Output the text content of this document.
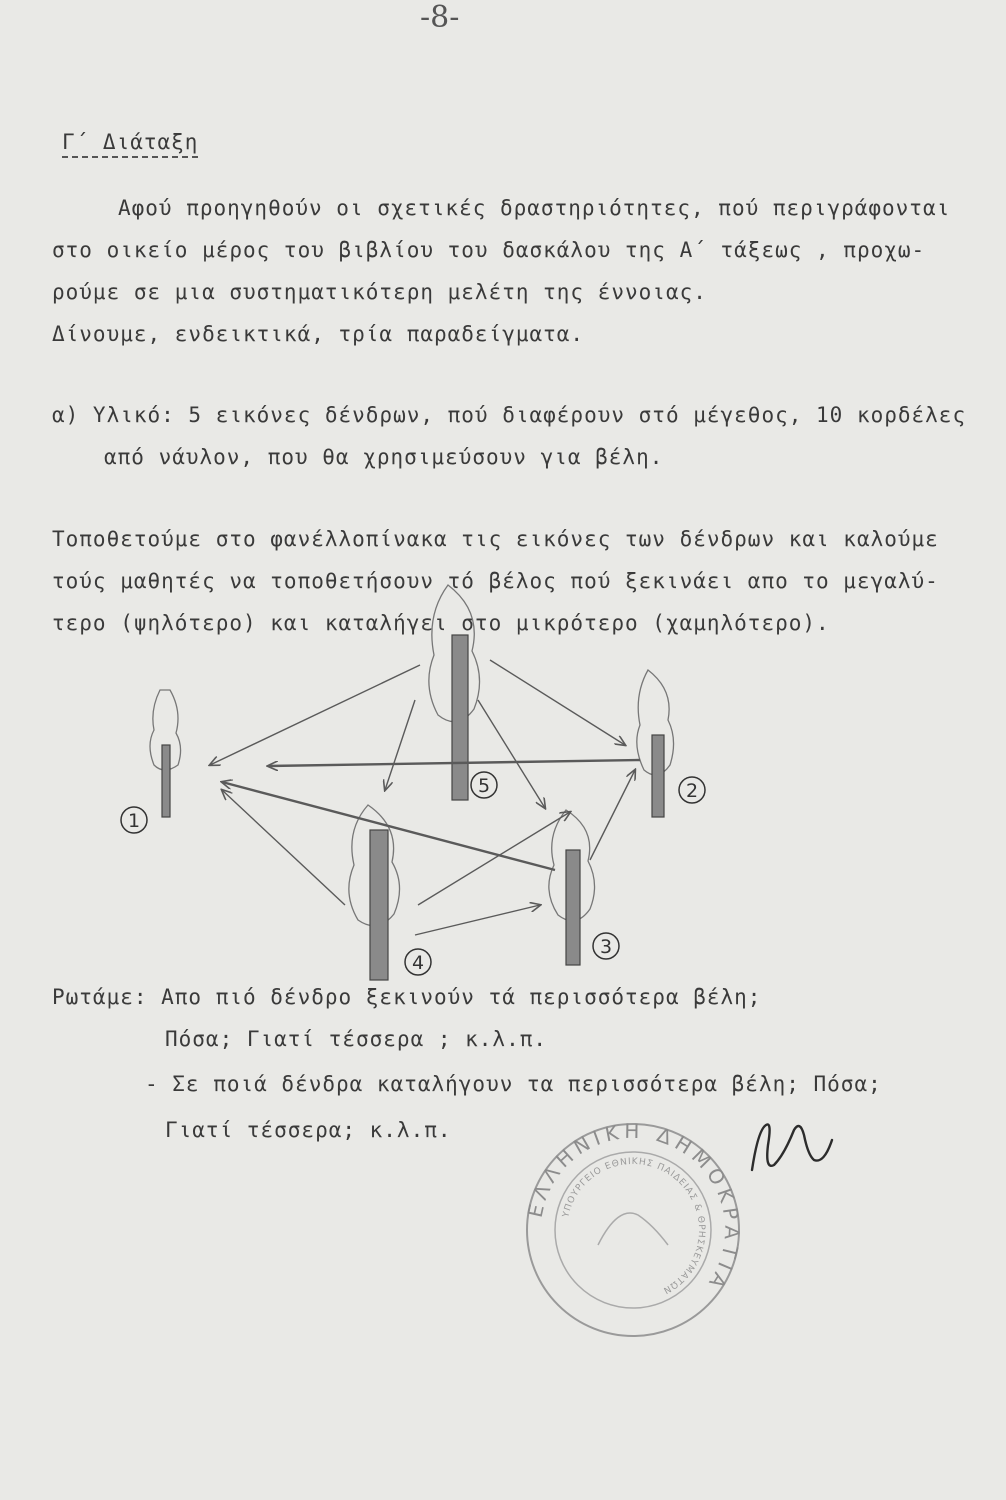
-8-
Γ΄ Διάταξη
Αφού προηγηθούν οι σχετικές δραστηριότητες, πού περιγράφονται
στο οικείο μέρος του βιβλίου του δασκάλου της Α΄ τάξεως , προχω-
ρούμε σε μια συστηματικότερη μελέτη της έννοιας.
Δίνουμε, ενδεικτικά, τρία παραδείγματα.
α) Υλικό: 5 εικόνες δένδρων, πού διαφέρουν στό μέγεθος, 10 κορδέλες
από νάυλον, που θα χρησιμεύσουν για βέλη.
Τοποθετούμε στο φανέλλοπίνακα τις εικόνες των δένδρων και καλούμε
τούς μαθητές να τοποθετήσουν τό βέλος πού ξεκινάει απο το μεγαλύ-
τερο (ψηλότερο) και καταλήγει στο μικρότερο (χαμηλότερο).
1
2
5
4
3
Ρωτάμε: Απο πιό δένδρο ξεκινούν τά περισσότερα βέλη;
Πόσα; Γιατί τέσσερα ; κ.λ.π.
- Σε ποιά δένδρα καταλήγουν τα περισσότερα βέλη; Πόσα;
Γιατί τέσσερα; κ.λ.π.
ΕΛΛΗΝΙΚΗ ΔΗΜΟΚΡΑΤΙΑ
ΥΠΟΥΡΓΕΙΟ ΕΘΝΙΚΗΣ ΠΑΙΔΕΙΑΣ & ΘΡΗΣΚΕΥΜΑΤΩΝ
